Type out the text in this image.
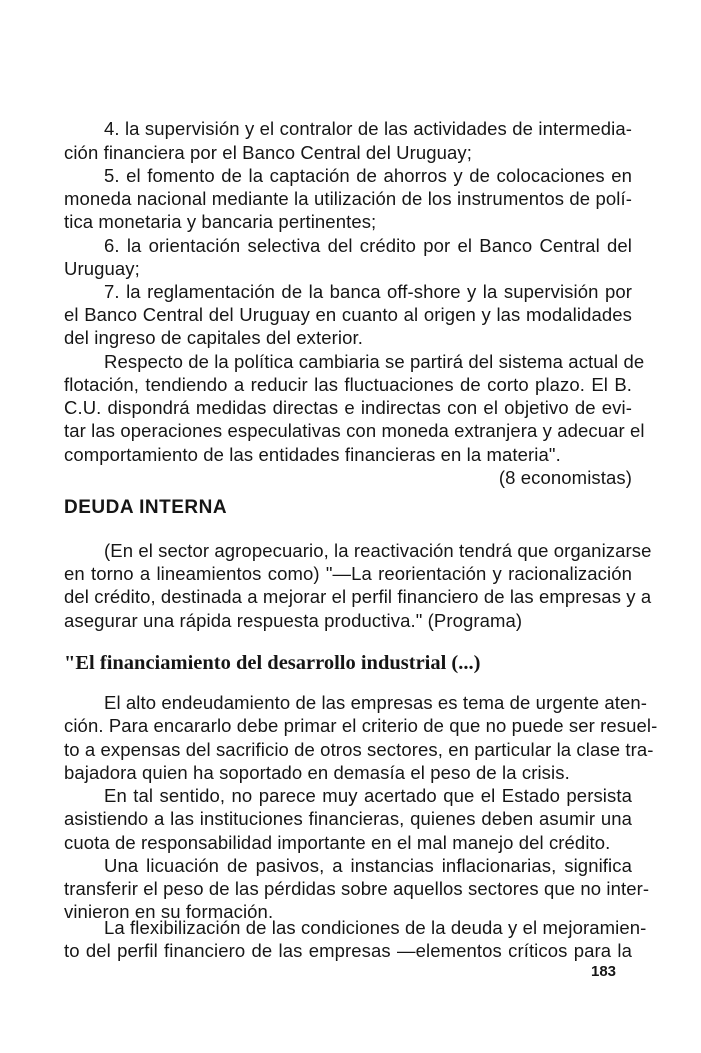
4. la supervisión y el contralor de las actividades de intermedia-
ción financiera por el Banco Central del Uruguay;
5. el fomento de la captación de ahorros y de colocaciones en
moneda nacional mediante la utilización de los instrumentos de polí-
tica monetaria y bancaria pertinentes;
6. la orientación selectiva del crédito por el Banco Central del
Uruguay;
7. la reglamentación de la banca off-shore y la supervisión por
el Banco Central del Uruguay en cuanto al origen y las modalidades
del ingreso de capitales del exterior.
Respecto de la política cambiaria se partirá del sistema actual de
flotación, tendiendo a reducir las fluctuaciones de corto plazo. El B.
C.U. dispondrá medidas directas e indirectas con el objetivo de evi-
tar las operaciones especulativas con moneda extranjera y adecuar el
comportamiento de las entidades financieras en la materia".
(8 economistas)
DEUDA INTERNA
(En el sector agropecuario, la reactivación tendrá que organizarse
en torno a lineamientos como) "—La reorientación y racionalización
del crédito, destinada a mejorar el perfil financiero de las empresas y a
asegurar una rápida respuesta productiva." (Programa)
"El financiamiento del desarrollo industrial (...)
El alto endeudamiento de las empresas es tema de urgente aten-
ción. Para encararlo debe primar el criterio de que no puede ser resuel-
to a expensas del sacrificio de otros sectores, en particular la clase tra-
bajadora quien ha soportado en demasía el peso de la crisis.
En tal sentido, no parece muy acertado que el Estado persista
asistiendo a las instituciones financieras, quienes deben asumir una
cuota de responsabilidad importante en el mal manejo del crédito.
Una licuación de pasivos, a instancias inflacionarias, significa
transferir el peso de las pérdidas sobre aquellos sectores que no inter-
vinieron en su formación.
La flexibilización de las condiciones de la deuda y el mejoramien-
to del perfil financiero de las empresas —elementos críticos para la
183
